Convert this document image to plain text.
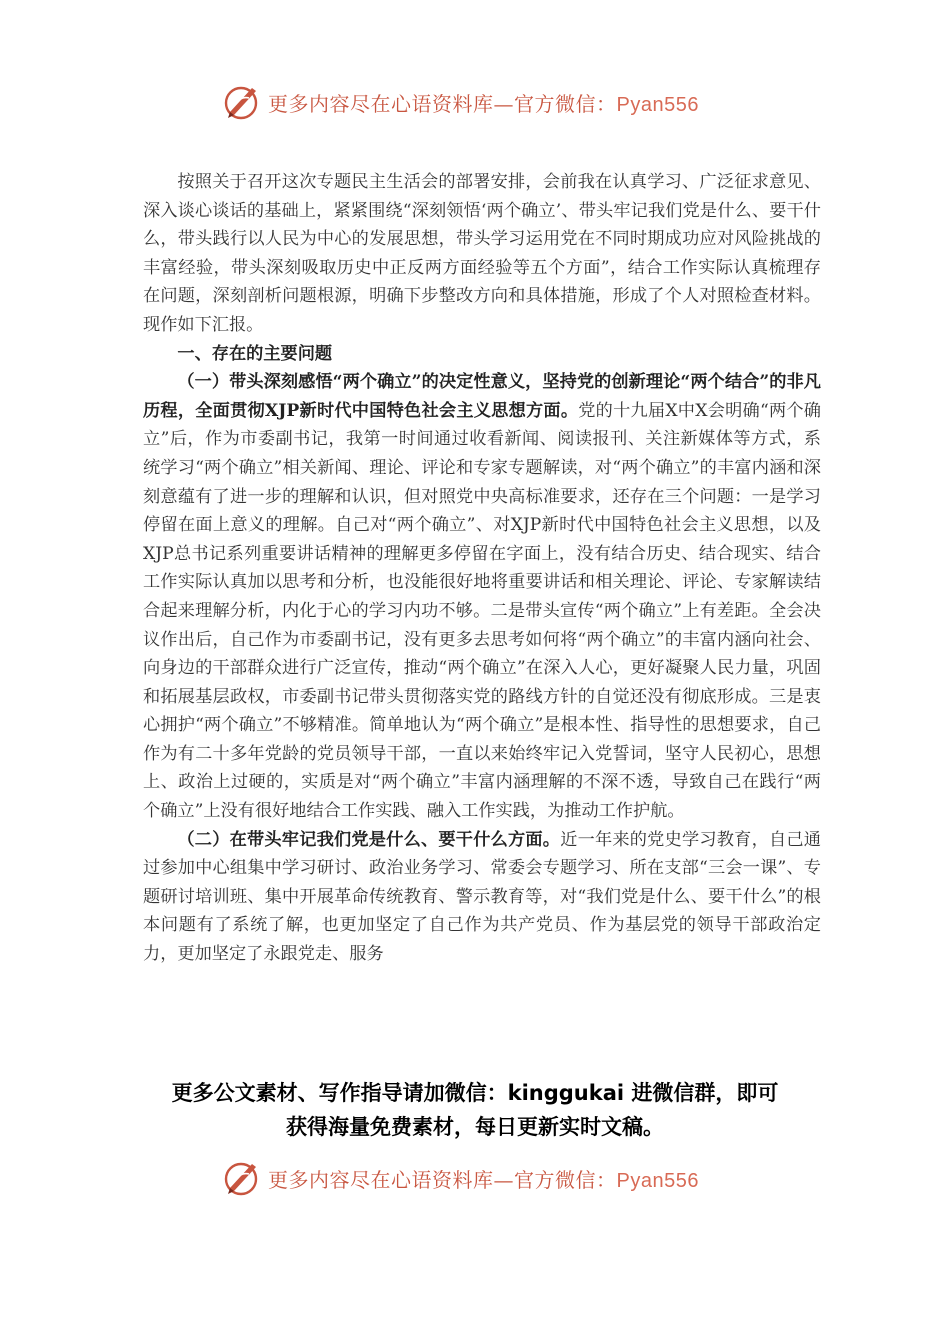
更多内容尽在心语资料库—官方微信：Pyan556

按照关于召开这次专题民主生活会的部署安排，会前我在认真学习、广泛征求意见、深入谈心谈话的基础上，紧紧围绕“深刻领悟‘两个确立’、带头牢记我们党是什么、要干什么，带头践行以人民为中心的发展思想，带头学习运用党在不同时期成功应对风险挑战的丰富经验，带头深刻吸取历史中正反两方面经验等五个方面”，结合工作实际认真梳理存在问题，深刻剖析问题根源，明确下步整改方向和具体措施，形成了个人对照检查材料。现作如下汇报。

一、存在的主要问题

（一）带头深刻感悟“两个确立”的决定性意义，坚持党的创新理论“两个结合”的非凡历程，全面贯彻XJP新时代中国特色社会主义思想方面。党的十九届X中X会明确“两个确立”后，作为市委副书记，我第一时间通过收看新闻、阅读报刊、关注新媒体等方式，系统学习“两个确立”相关新闻、理论、评论和专家专题解读，对“两个确立”的丰富内涵和深刻意蕴有了进一步的理解和认识，但对照党中央高标准要求，还存在三个问题：一是学习停留在面上意义的理解。自己对“两个确立”、对XJP新时代中国特色社会主义思想，以及XJP总书记系列重要讲话精神的理解更多停留在字面上，没有结合历史、结合现实、结合工作实际认真加以思考和分析，也没能很好地将重要讲话和相关理论、评论、专家解读结合起来理解分析，内化于心的学习内功不够。二是带头宣传“两个确立”上有差距。全会决议作出后，自己作为市委副书记，没有更多去思考如何将“两个确立”的丰富内涵向社会、向身边的干部群众进行广泛宣传，推动“两个确立”在深入人心，更好凝聚人民力量，巩固和拓展基层政权，市委副书记带头贯彻落实党的路线方针的自觉还没有彻底形成。三是衷心拥护“两个确立”不够精准。简单地认为“两个确立”是根本性、指导性的思想要求，自己作为有二十多年党龄的党员领导干部，一直以来始终牢记入党誓词，坚守人民初心，思想上、政治上过硬的，实质是对“两个确立”丰富内涵理解的不深不透，导致自己在践行“两个确立”上没有很好地结合工作实践、融入工作实践，为推动工作护航。

（二）在带头牢记我们党是什么、要干什么方面。近一年来的党史学习教育，自己通过参加中心组集中学习研讨、政治业务学习、常委会专题学习、所在支部“三会一课”、专题研讨培训班、集中开展革命传统教育、警示教育等，对“我们党是什么、要干什么”的根本问题有了系统了解，也更加坚定了自己作为共产党员、作为基层党的领导干部政治定力，更加坚定了永跟党走、服务

更多公文素材、写作指导请加微信：kinggukai 进微信群，即可
获得海量免费素材，每日更新实时文稿。
更多内容尽在心语资料库—官方微信：Pyan556
